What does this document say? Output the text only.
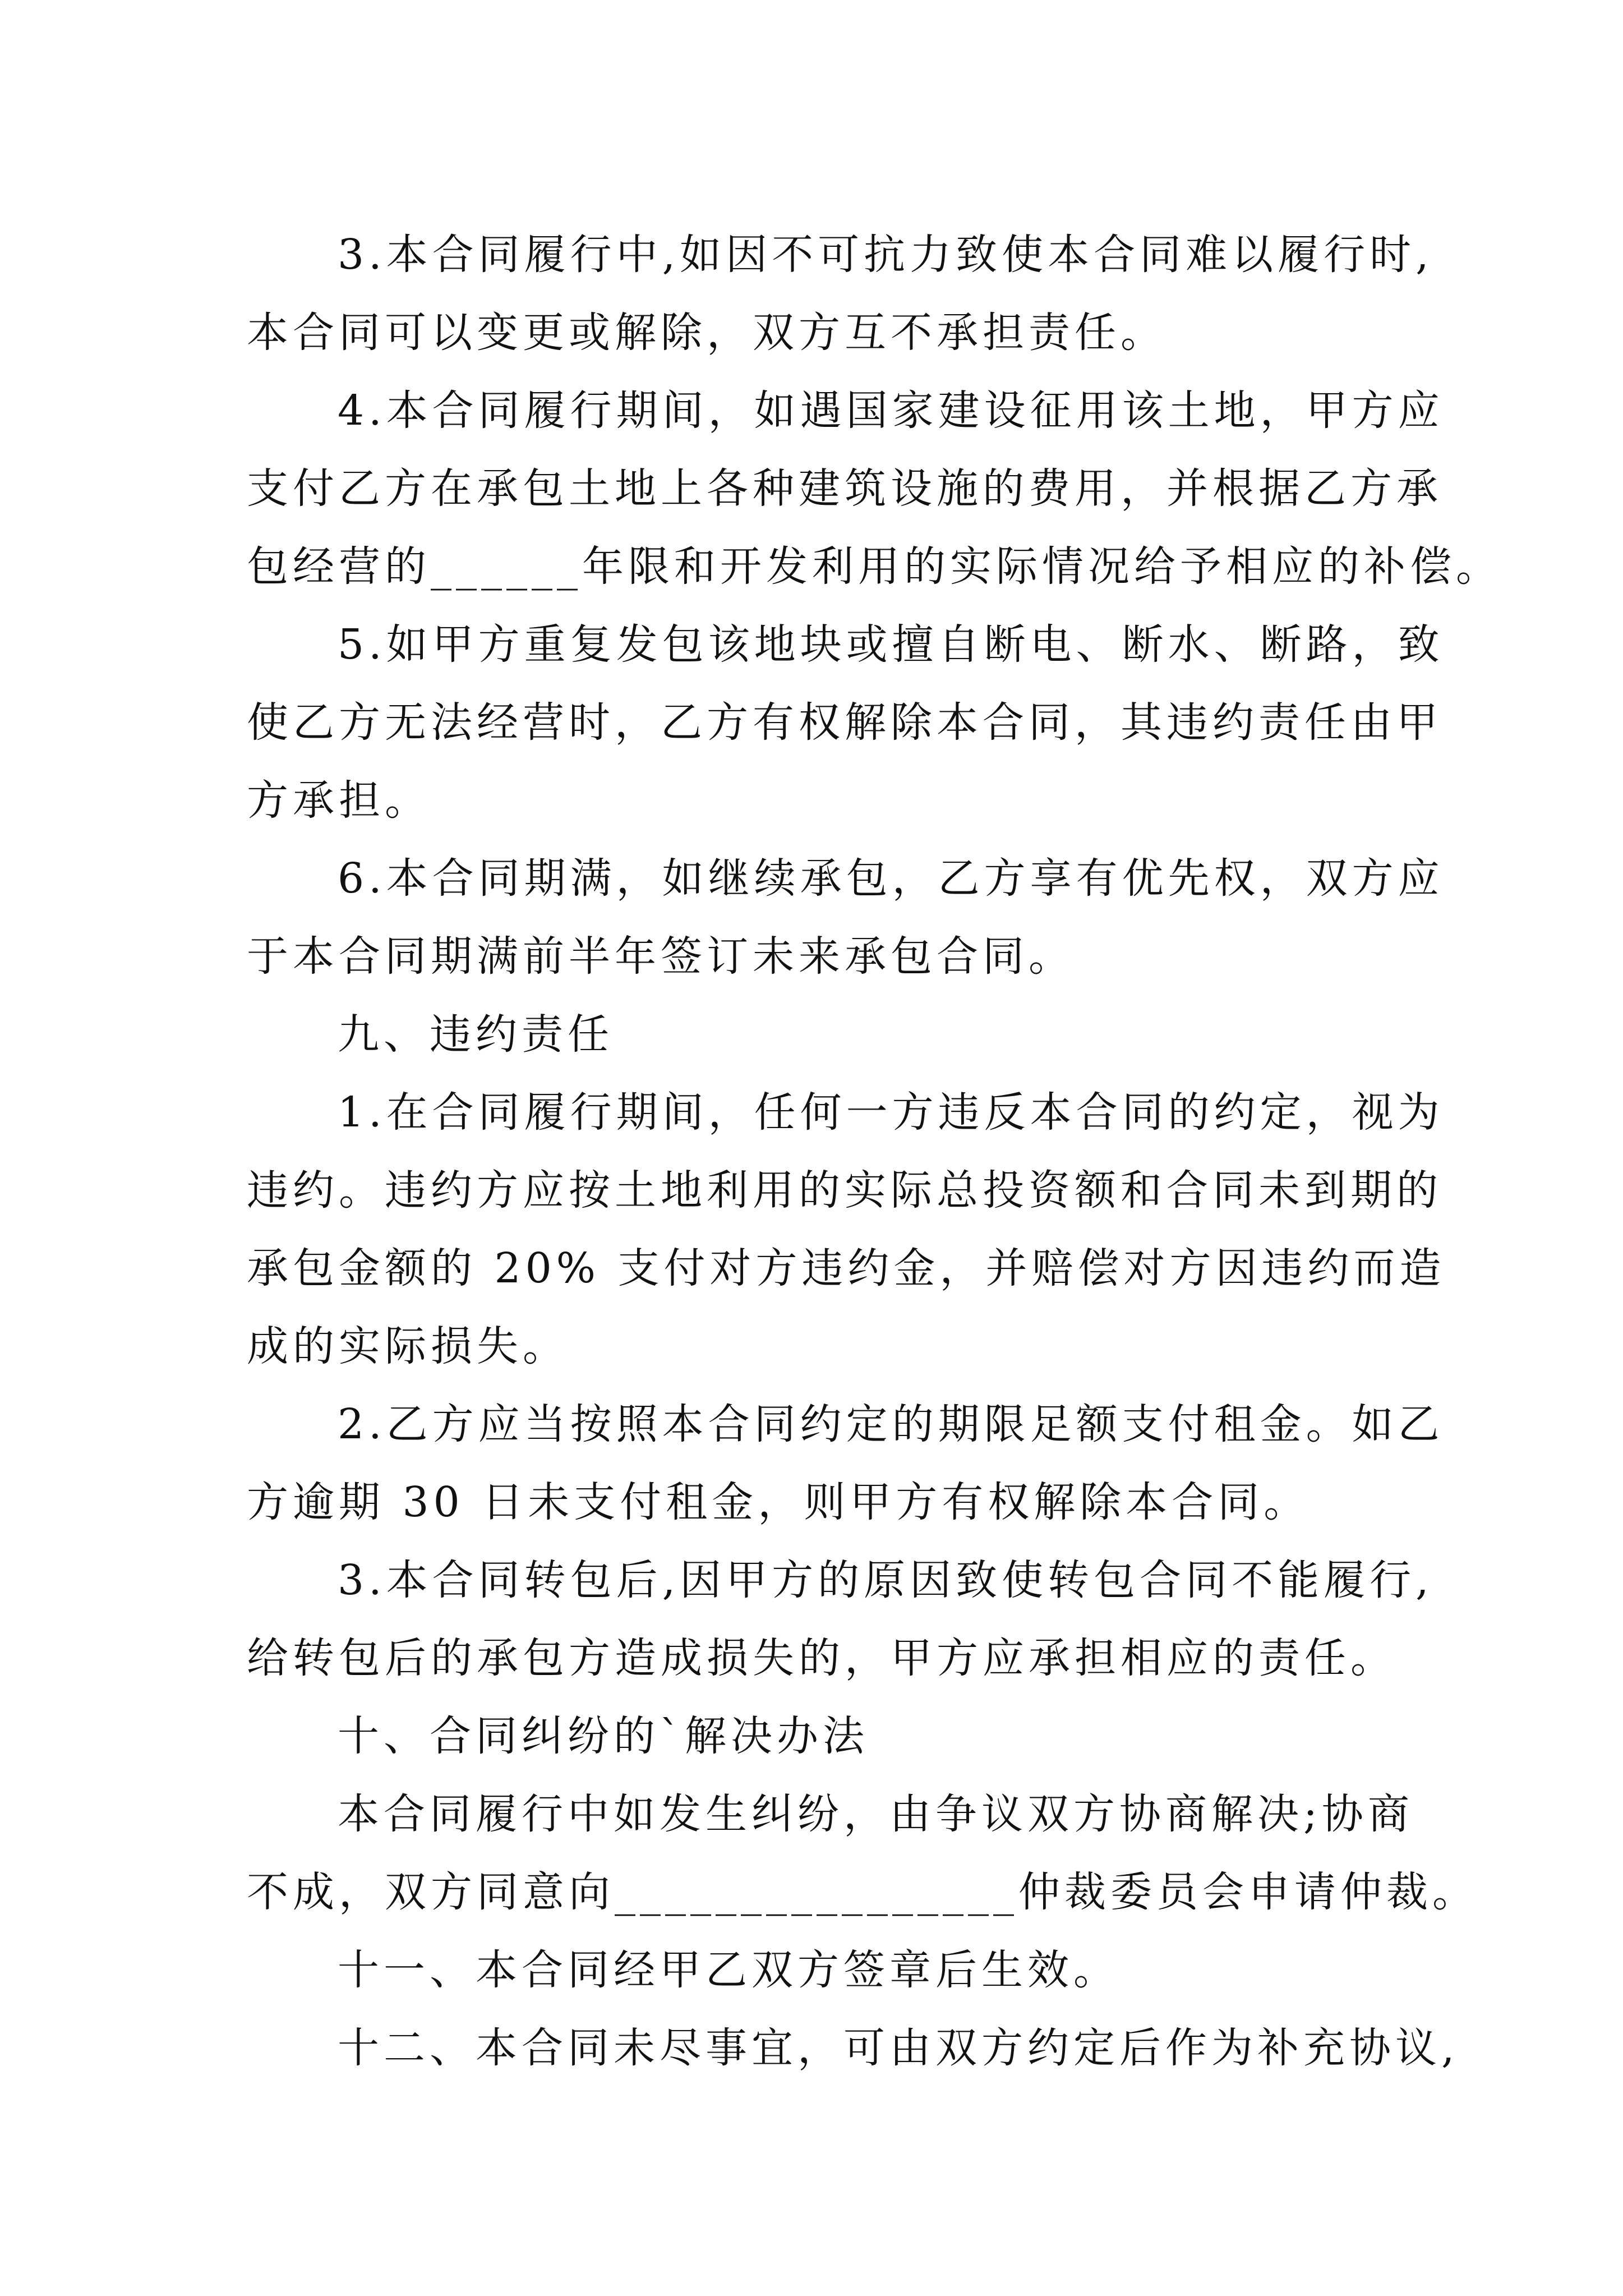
3.本合同履行中,如因不可抗力致使本合同难以履行时,
本合同可以变更或解除，双方互不承担责任。
4.本合同履行期间，如遇国家建设征用该土地，甲方应
支付乙方在承包土地上各种建筑设施的费用，并根据乙方承
包经营的______年限和开发利用的实际情况给予相应的补偿。
5.如甲方重复发包该地块或擅自断电、断水、断路，致
使乙方无法经营时，乙方有权解除本合同，其违约责任由甲
方承担。
6.本合同期满，如继续承包，乙方享有优先权，双方应
于本合同期满前半年签订未来承包合同。
九、违约责任
1.在合同履行期间，任何一方违反本合同的约定，视为
违约。违约方应按土地利用的实际总投资额和合同未到期的
承包金额的 20% 支付对方违约金，并赔偿对方因违约而造
成的实际损失。
2.乙方应当按照本合同约定的期限足额支付租金。如乙
方逾期 30 日未支付租金，则甲方有权解除本合同。
3.本合同转包后,因甲方的原因致使转包合同不能履行,
给转包后的承包方造成损失的，甲方应承担相应的责任。
十、合同纠纷的`解决办法
本合同履行中如发生纠纷，由争议双方协商解决;协商
不成，双方同意向________________仲裁委员会申请仲裁。
十一、本合同经甲乙双方签章后生效。
十二、本合同未尽事宜，可由双方约定后作为补充协议,
